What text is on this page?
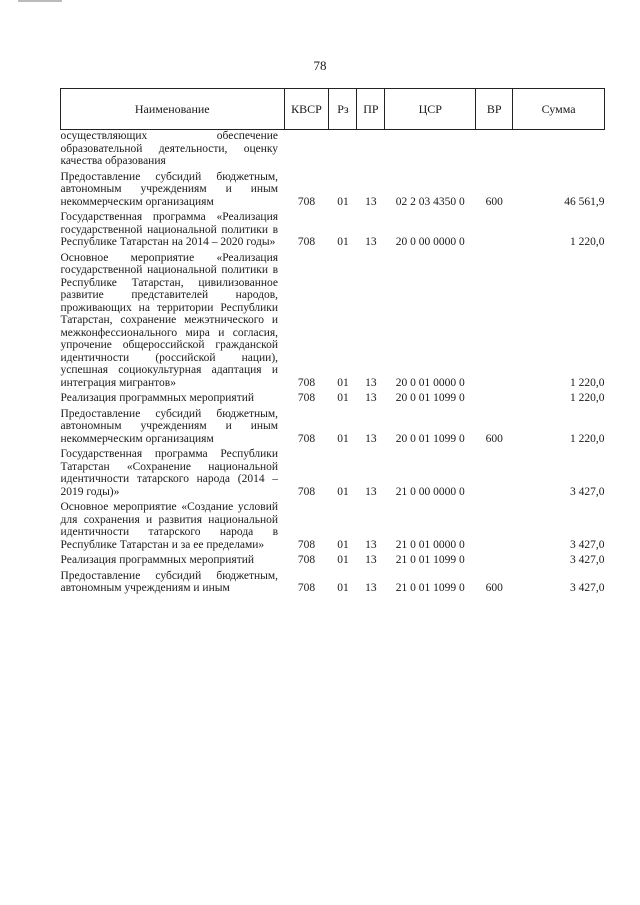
78
Наименование	КВСР	Рз	ПР	ЦСР	ВР	Сумма
осуществляющих обеспечение образовательной деятельности, оценку качества образования						
Предоставление субсидий бюджетным, автономным учреждениям и иным некоммерческим организациям	708	01	13	02 2 03 4350 0	600	46 561,9
Государственная программа «Реализация государственной национальной политики в Республике Татарстан на 2014 – 2020 годы»	708	01	13	20 0 00 0000 0		1 220,0
Основное мероприятие «Реализация государственной национальной политики в Республике Татарстан, цивилизованное развитие представителей народов, проживающих на территории Республики Татарстан, сохранение межэтнического и межконфессионального мира и согласия, упрочение общероссийской гражданской идентичности (российской нации), успешная социокультурная адаптация и интеграция мигрантов»	708	01	13	20 0 01 0000 0		1 220,0
Реализация программных мероприятий	708	01	13	20 0 01 1099 0		1 220,0
Предоставление субсидий бюджетным, автономным учреждениям и иным некоммерческим организациям	708	01	13	20 0 01 1099 0	600	1 220,0
Государственная программа Республики Татарстан «Сохранение национальной идентичности татарского народа (2014 – 2019 годы)»	708	01	13	21 0 00 0000 0		3 427,0
Основное мероприятие «Создание условий для сохранения и развития национальной идентичности татарского народа в Республике Татарстан и за ее пределами»	708	01	13	21 0 01 0000 0		3 427,0
Реализация программных мероприятий	708	01	13	21 0 01 1099 0		3 427,0
Предоставление субсидий бюджетным, автономным учреждениям и иным	708	01	13	21 0 01 1099 0	600	3 427,0
